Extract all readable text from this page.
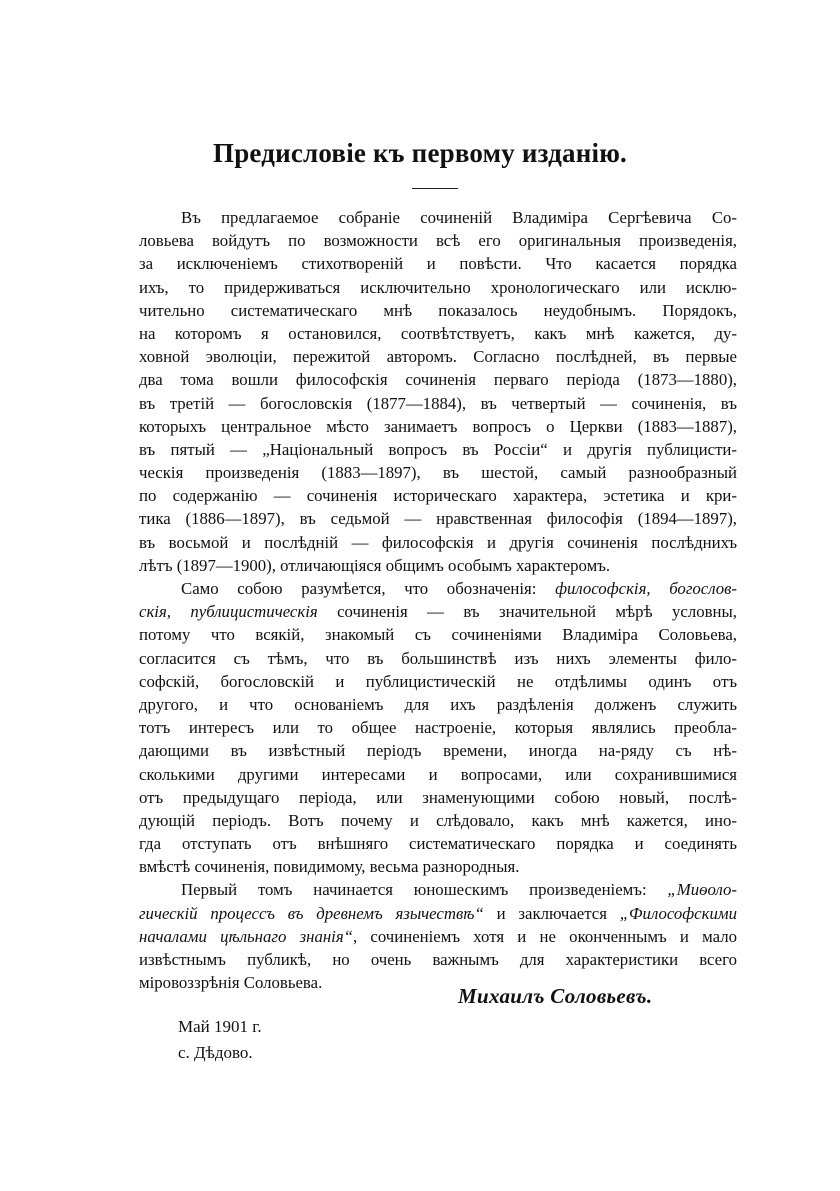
Предисловіе къ первому изданію.
Въ предлагаемое собраніе сочиненій Владиміра Сергѣевича Со-
ловьева войдутъ по возможности всѣ его оригинальныя произведенія,
за исключеніемъ стихотвореній и повѣсти. Что касается порядка
ихъ, то придерживаться исключительно хронологическаго или исклю-
чительно систематическаго мнѣ показалось неудобнымъ. Порядокъ,
на которомъ я остановился, соотвѣтствуетъ, какъ мнѣ кажется, ду-
ховной эволюціи, пережитой авторомъ. Согласно послѣдней, въ первые
два тома вошли философскія сочиненія перваго періода (1873—1880),
въ третій — богословскія (1877—1884), въ четвертый — сочиненія, въ
которыхъ центральное мѣсто занимаетъ вопросъ о Церкви (1883—1887),
въ пятый — „Національный вопросъ въ Россіи“ и другія публицисти-
ческія произведенія (1883—1897), въ шестой, самый разнообразный
по содержанію — сочиненія историческаго характера, эстетика и кри-
тика (1886—1897), въ седьмой — нравственная философія (1894—1897),
въ восьмой и послѣдній — философскія и другія сочиненія послѣднихъ
лѣтъ (1897—1900), отличающіяся общимъ особымъ характеромъ.
Само собою разумѣется, что обозначенія: философскія, богослов-
скія, публицистическія сочиненія — въ значительной мѣрѣ условны,
потому что всякій, знакомый съ сочиненіями Владиміра Соловьева,
согласится съ тѣмъ, что въ большинствѣ изъ нихъ элементы фило-
софскій, богословскій и публицистическій не отдѣлимы одинъ отъ
другого, и что основаніемъ для ихъ раздѣленія долженъ служить
тотъ интересъ или то общее настроеніе, которыя являлись преобла-
дающими въ извѣстный періодъ времени, иногда на-ряду съ нѣ-
сколькими другими интересами и вопросами, или сохранившимися
отъ предыдущаго періода, или знаменующими собою новый, послѣ-
дующій періодъ. Вотъ почему и слѣдовало, какъ мнѣ кажется, ино-
гда отступать отъ внѣшняго систематическаго порядка и соединять
вмѣстѣ сочиненія, повидимому, весьма разнородныя.
Первый томъ начинается юношескимъ произведеніемъ: „Миѳоло-
гическій процессъ въ древнемъ язычествѣ“ и заключается „Философскими
началами цѣльнаго знанія“, сочиненіемъ хотя и не оконченнымъ и мало
извѣстнымъ публикѣ, но очень важнымъ для характеристики всего
міровоззрѣнія Соловьева.
Михаилъ Соловьевъ.
Май 1901 г.
с. Дѣдово.
